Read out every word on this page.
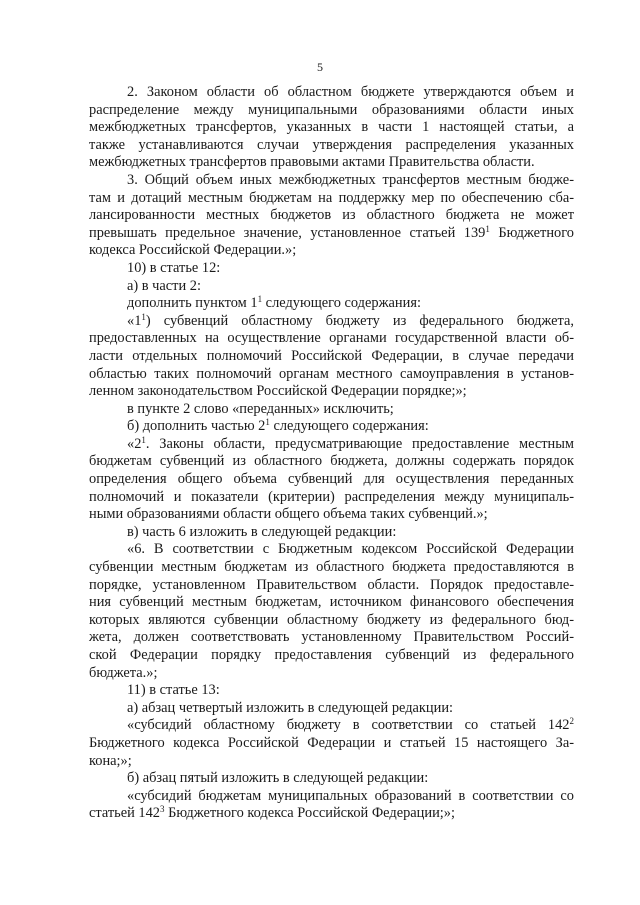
5
2. Законом области об областном бюджете утверждаются объем и
распределение между муниципальными образованиями области иных
межбюджетных трансфертов, указанных в части 1 настоящей статьи, а
также устанавливаются случаи утверждения распределения указанных
межбюджетных трансфертов правовыми актами Правительства области.
3. Общий объем иных межбюджетных трансфертов местным бюдже-
там и дотаций местным бюджетам на поддержку мер по обеспечению сба-
лансированности местных бюджетов из областного бюджета не может
превышать предельное значение, установленное статьей $139^1$ Бюджетного
кодекса Российской Федерации.»;
10) в статье 12:
а) в части 2:
дополнить пунктом $1^1$ следующего содержания:
«$1^1$) субвенций областному бюджету из федерального бюджета,
предоставленных на осуществление органами государственной власти об-
ласти отдельных полномочий Российской Федерации, в случае передачи
областью таких полномочий органам местного самоуправления в установ-
ленном законодательством Российской Федерации порядке;»;
в пункте 2 слово «переданных» исключить;
б) дополнить частью $2^1$ следующего содержания:
«$2^1$. Законы области, предусматривающие предоставление местным
бюджетам субвенций из областного бюджета, должны содержать порядок
определения общего объема субвенций для осуществления переданных
полномочий и показатели (критерии) распределения между муниципаль-
ными образованиями области общего объема таких субвенций.»;
в) часть 6 изложить в следующей редакции:
«6. В соответствии с Бюджетным кодексом Российской Федерации
субвенции местным бюджетам из областного бюджета предоставляются в
порядке, установленном Правительством области. Порядок предоставле-
ния субвенций местным бюджетам, источником финансового обеспечения
которых являются субвенции областному бюджету из федерального бюд-
жета, должен соответствовать установленному Правительством Россий-
ской Федерации порядку предоставления субвенций из федерального
бюджета.»;
11) в статье 13:
а) абзац четвертый изложить в следующей редакции:
«субсидий областному бюджету в соответствии со статьей $142^2$
Бюджетного кодекса Российской Федерации и статьей 15 настоящего За-
кона;»;
б) абзац пятый изложить в следующей редакции:
«субсидий бюджетам муниципальных образований в соответствии со
статьей $142^3$ Бюджетного кодекса Российской Федерации;»;
